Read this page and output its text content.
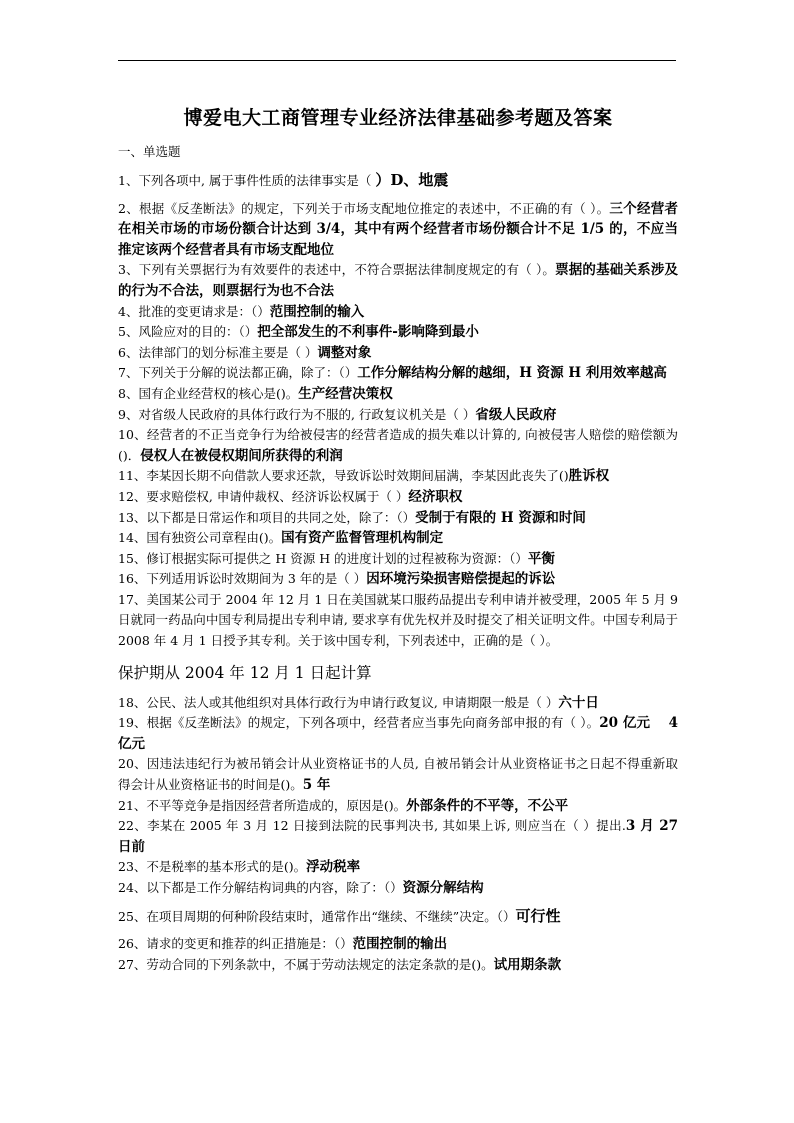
博爱电大工商管理专业经济法律基础参考题及答案
一、单选题

1、下列各项中, 属于事件性质的法律事实是（ ）D、地震

2、根据《反垄断法》的规定，下列关于市场支配地位推定的表述中，不正确的有（ ）。三个经营者在相关市场的市场份额合计达到 3/4，其中有两个经营者市场份额合计不足 1/5 的，不应当推定该两个经营者具有市场支配地位

3、下列有关票据行为有效要件的表述中，不符合票据法律制度规定的有（ ）。票据的基础关系涉及的行为不合法，则票据行为也不合法

4、批准的变更请求是：（）范围控制的输入

5、风险应对的目的：（）把全部发生的不利事件-影响降到最小

6、法律部门的划分标准主要是（ ）调整对象

7、下列关于分解的说法都正确，除了：（）工作分解结构分解的越细，H 资源 H 利用效率越高

8、国有企业经营权的核心是()。生产经营决策权

9、对省级人民政府的具体行政行为不服的, 行政复议机关是（ ）省级人民政府

10、经营者的不正当竞争行为给被侵害的经营者造成的损失难以计算的, 向被侵害人赔偿的赔偿额为()．侵权人在被侵权期间所获得的利润

11、李某因长期不向借款人要求还款，导致诉讼时效期间届满，李某因此丧失了()胜诉权

12、要求赔偿权, 申请仲裁权、经济诉讼权属于（ ）经济职权

13、以下都是日常运作和项目的共同之处，除了：（）受制于有限的 H 资源和时间

14、国有独资公司章程由()。国有资产监督管理机构制定

15、修订根据实际可提供之 H 资源 H 的进度计划的过程被称为资源：（）平衡

16、下列适用诉讼时效期间为 3 年的是（ ）因环境污染损害赔偿提起的诉讼

17、美国某公司于 2004 年 12 月 1 日在美国就某口服药品提出专利申请并被受理，2005 年 5 月 9 日就同一药品向中国专利局提出专利申请, 要求享有优先权并及时提交了相关证明文件。中国专利局于 2008 年 4 月 1 日授予其专利。关于该中国专利，下列表述中，正确的是（ ）。

保护期从 2004 年 12 月 1 日起计算

18、公民、法人或其他组织对具体行政行为申请行政复议, 申请期限一般是（ ）六十日

19、根据《反垄断法》的规定，下列各项中，经营者应当事先向商务部申报的有（ ）。20 亿元　 4 亿元

20、因违法违纪行为被吊销会计从业资格证书的人员, 自被吊销会计从业资格证书之日起不得重新取得会计从业资格证书的时间是()。5 年

21、不平等竞争是指因经营者所造成的，原因是()。外部条件的不平等，不公平

22、李某在 2005 年 3 月 12 日接到法院的民事判决书, 其如果上诉, 则应当在（ ）提出.3 月 27 日前

23、不是税率的基本形式的是()。浮动税率

24、以下都是工作分解结构词典的内容，除了：（）资源分解结构

25、在项目周期的何种阶段结束时，通常作出“继续、不继续”决定。（）可行性

26、请求的变更和推荐的纠正措施是：（）范围控制的输出

27、劳动合同的下列条款中，不属于劳动法规定的法定条款的是()。试用期条款
